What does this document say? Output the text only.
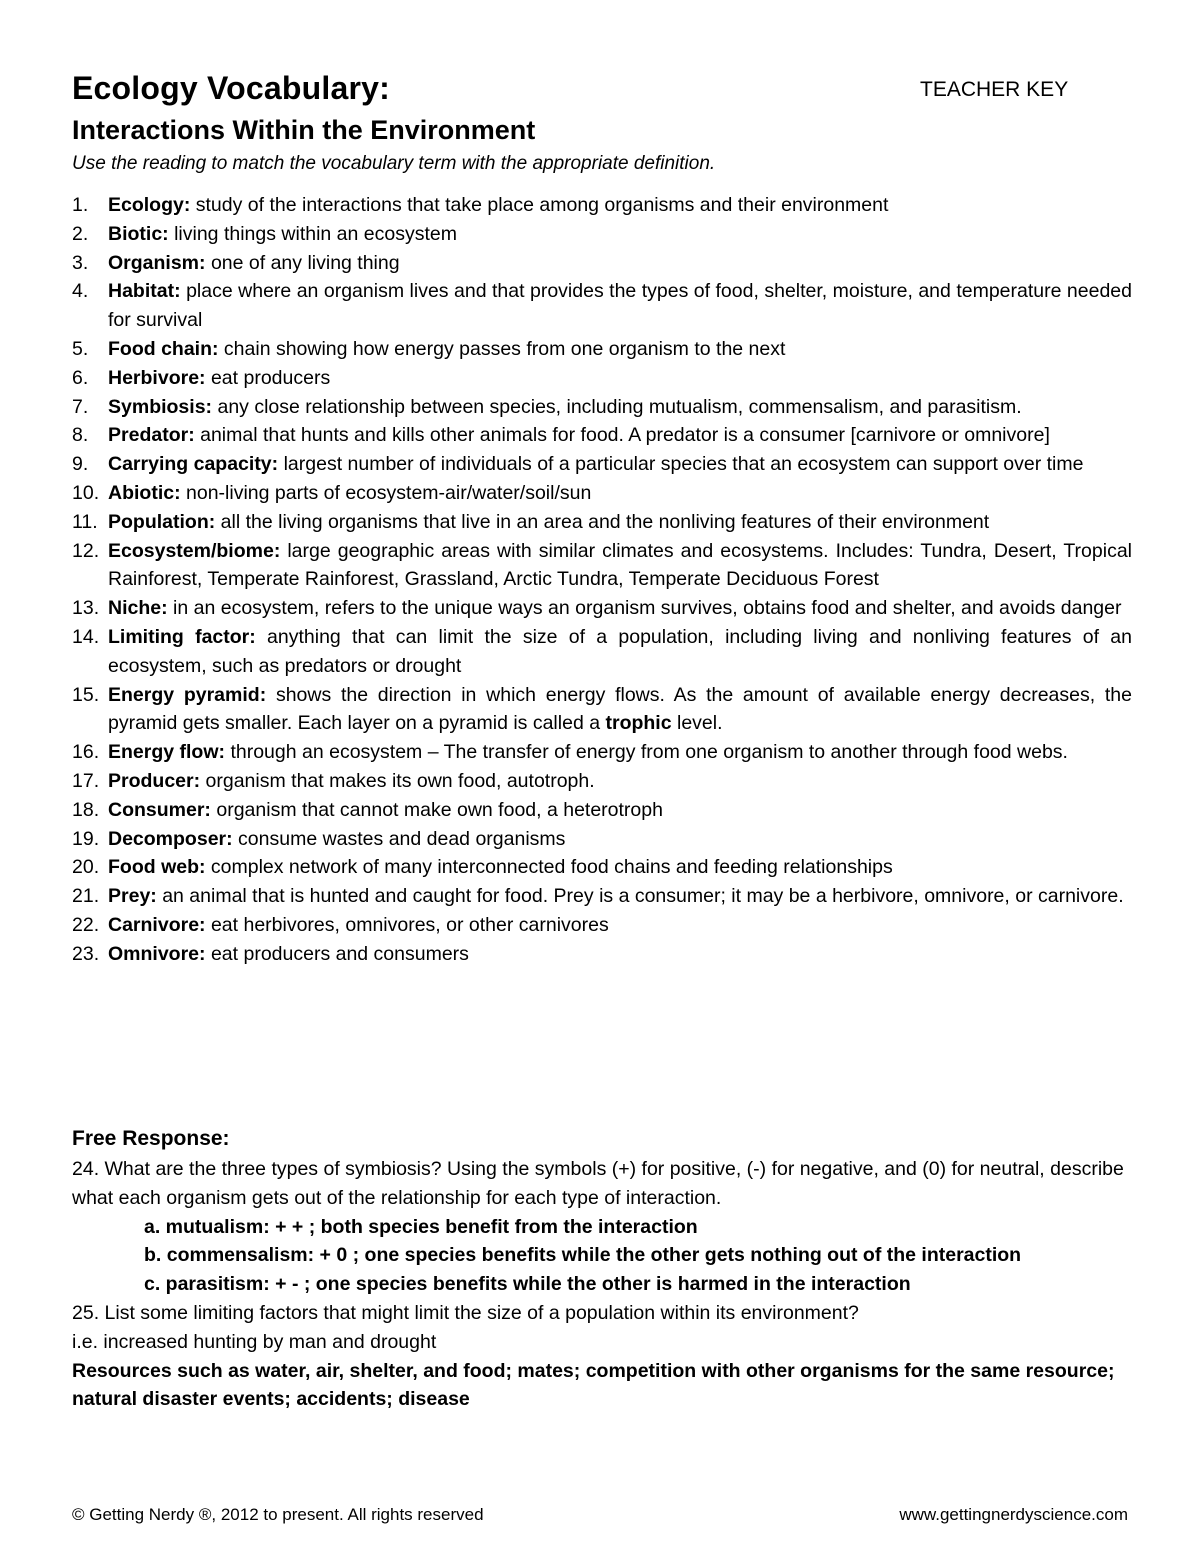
Ecology Vocabulary:	TEACHER KEY
Interactions Within the Environment
Use the reading to match the vocabulary term with the appropriate definition.
1. Ecology: study of the interactions that take place among organisms and their environment
2. Biotic: living things within an ecosystem
3. Organism: one of any living thing
4. Habitat: place where an organism lives and that provides the types of food, shelter, moisture, and temperature needed for survival
5. Food chain: chain showing how energy passes from one organism to the next
6. Herbivore: eat producers
7. Symbiosis: any close relationship between species, including mutualism, commensalism, and parasitism.
8. Predator: animal that hunts and kills other animals for food. A predator is a consumer [carnivore or omnivore]
9. Carrying capacity: largest number of individuals of a particular species that an ecosystem can support over time
10. Abiotic: non-living parts of ecosystem-air/water/soil/sun
11. Population: all the living organisms that live in an area and the nonliving features of their environment
12. Ecosystem/biome: large geographic areas with similar climates and ecosystems. Includes: Tundra, Desert, Tropical Rainforest, Temperate Rainforest, Grassland, Arctic Tundra, Temperate Deciduous Forest
13. Niche: in an ecosystem, refers to the unique ways an organism survives, obtains food and shelter, and avoids danger
14. Limiting factor: anything that can limit the size of a population, including living and nonliving features of an ecosystem, such as predators or drought
15. Energy pyramid: shows the direction in which energy flows. As the amount of available energy decreases, the pyramid gets smaller. Each layer on a pyramid is called a trophic level.
16. Energy flow: through an ecosystem – The transfer of energy from one organism to another through food webs.
17. Producer: organism that makes its own food, autotroph.
18. Consumer: organism that cannot make own food, a heterotroph
19. Decomposer: consume wastes and dead organisms
20. Food web: complex network of many interconnected food chains and feeding relationships
21. Prey: an animal that is hunted and caught for food. Prey is a consumer; it may be a herbivore, omnivore, or carnivore.
22. Carnivore: eat herbivores, omnivores, or other carnivores
23. Omnivore: eat producers and consumers
Free Response:

24. What are the three types of symbiosis? Using the symbols (+) for positive, (-) for negative, and (0) for neutral, describe what each organism gets out of the relationship for each type of interaction.

a. mutualism: + + ; both species benefit from the interaction

b. commensalism: + 0 ; one species benefits while the other gets nothing out of the interaction

c. parasitism: + - ; one species benefits while the other is harmed in the interaction

25. List some limiting factors that might limit the size of a population within its environment?

i.e. increased hunting by man and drought

Resources such as water, air, shelter, and food; mates; competition with other organisms for the same resource; natural disaster events; accidents; disease

© Getting Nerdy ®, 2012 to present. All rights reserved	www.gettingnerdyscience.com
